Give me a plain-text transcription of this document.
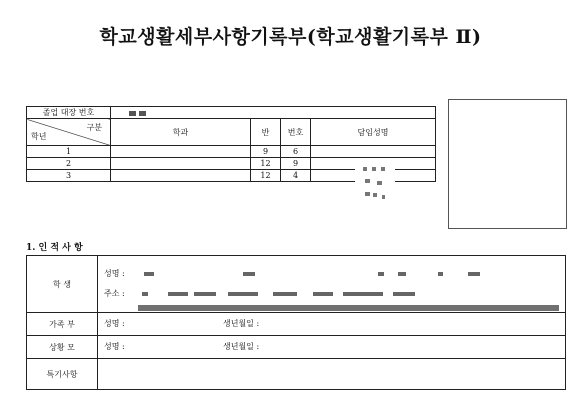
학교생활세부사항기록부(학교생활기록부 Ⅱ)
졸업 대장 번호				

구분
학년	학과	반	번호	담임성명
1		9	6	
2		12	9	
3		12	4	
1. 인 적 사 항
학 생	성명 :
주소 :

가족 부	성명 : 생년월일 :

상황 모	성명 : 생년월일 :

특기사항	
